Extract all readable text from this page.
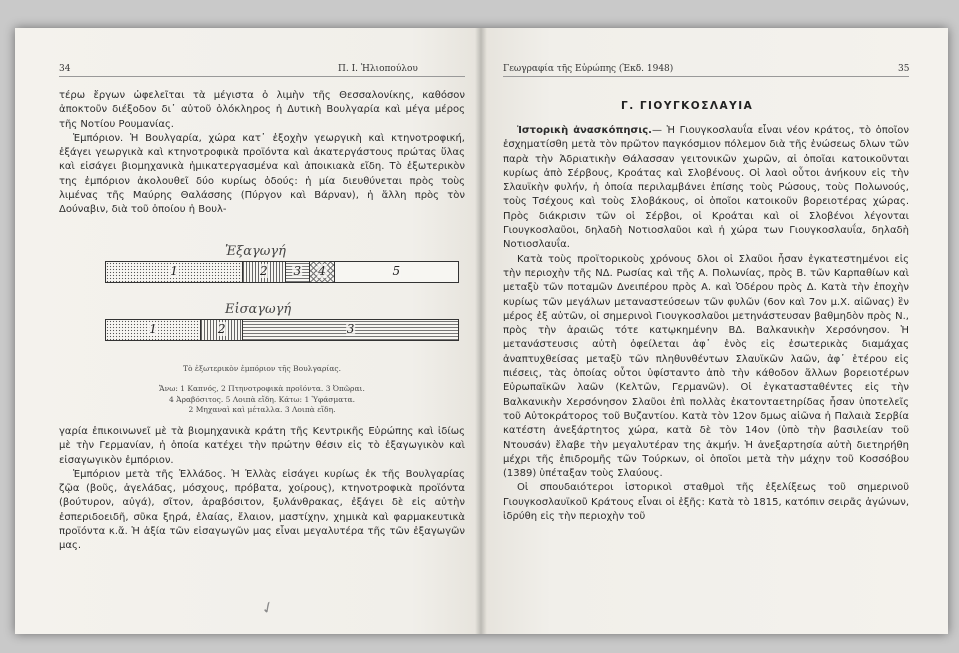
34	Π. Ι. Ἠλιοπούλου

τέρω ἔργων ὠφελεῖται τὰ μέγιστα ὁ λιμὴν τῆς Θεσσαλονίκης, καθόσον ἀποκτοῦν διέξοδον δι᾿ αὐτοῦ ὁλόκληρος ἡ Δυτικὴ Βουλγαρία καὶ μέγα μέρος τῆς Νοτίου Ρουμανίας.

Ἐμπόριον. Ἡ Βουλγαρία, χώρα κατ᾿ ἐξοχὴν γεωργικὴ καὶ κτηνοτροφική, ἐξάγει γεωργικὰ καὶ κτηνοτροφικὰ προϊόντα καὶ ἀκατεργάστους πρώτας ὕλας καὶ εἰσάγει βιομηχανικὰ ἡμικατεργασμένα καὶ ἀποικιακὰ εἴδη. Τὸ ἐξωτερικὸν της ἐμπόριον ἀκολουθεῖ δύο κυρίως ὁδούς: ἡ μία διευθύνεται πρὸς τοὺς λιμένας τῆς Μαύρης Θαλάσσης (Πύργον καὶ Βάρναν), ἡ ἄλλη πρὸς τὸν Δούναβιν, διὰ τοῦ ὁποίου ἡ Βουλ-

Ἐξαγωγή
1	2 3 4	5
Εἰσαγωγή
1	2	3
Τὸ ἐξωτερικὸν ἐμπόριον τῆς Βουλγαρίας.
Ἄνω: 1 Καπνός, 2 Πτηνοτροφικὰ προϊόντα. 3 Ὀπῶραι.
4 Ἀραβόσιτος. 5 Λοιπὰ εἴδη. Κάτω: 1 Ὑφάσματα.
2 Μηχαναὶ καὶ μέταλλα. 3 Λοιπὰ εἴδη.

γαρία ἐπικοινωνεῖ μὲ τὰ βιομηχανικὰ κράτη τῆς Κεντρικῆς Εὐρώπης καὶ ἰδίως μὲ τὴν Γερμανίαν, ἡ ὁποία κατέχει τὴν πρώτην θέσιν εἰς τὸ ἐξαγωγικὸν καὶ εἰσαγωγικὸν ἐμπόριον.

Ἐμπόριον μετὰ τῆς Ἑλλάδος. Ἡ Ἑλλὰς εἰσάγει κυρίως ἐκ τῆς Βουλγαρίας ζῷα (βοῦς, ἀγελάδας, μόσχους, πρόβατα, χοίρους), κτηνοτροφικὰ προϊόντα (βούτυρον, αὐγά), σῖτον, ἀραβόσιτον, ξυλάνθρακας, ἐξάγει δὲ εἰς αὐτὴν ἐσπεριδοειδῆ, σῦκα ξηρά, ἐλαίας, ἔλαιον, μαστίχην, χημικὰ καὶ φαρμακευτικὰ προϊόντα κ.ἄ. Ἡ ἀξία τῶν εἰσαγωγῶν μας εἶναι μεγαλυτέρα τῆς τῶν ἐξαγωγῶν μας.

✓
Γεωγραφία τῆς Εὐρώπης (Ἐκδ. 1948)	35
Γ. ΓΙΟΥΓΚΟΣΛΑΥΙΑ

Ἱστορικὴ ἀνασκόπησις.— Ἡ Γιουγκοσλαυΐα εἶναι νέον κράτος, τὸ ὁποῖον ἐσχηματίσθη μετὰ τὸν πρῶτον παγκόσμιον πόλεμον διὰ τῆς ἑνώσεως δλων τῶν παρὰ τὴν Ἀδριατικὴν Θάλασσαν γειτονικῶν χωρῶν, αἱ ὁποῖαι κατοικοῦνται κυρίως ἀπὸ Σέρβους, Κροάτας καὶ Σλοβένους. Οἱ λαοὶ οὗτοι ἀνήκουν εἰς τὴν Σλαυϊκὴν φυλήν, ἡ ὁποία περιλαμβάνει ἐπίσης τοὺς Ρώσους, τοὺς Πολωνούς, τοὺς Τσέχους καὶ τοὺς Σλοβάκους, οἱ ὁποῖοι κατοικοῦν βορειοτέρας χώρας. Πρὸς διάκρισιν τῶν οἱ Σέρβοι, οἱ Κροάται καὶ οἱ Σλοβένοι λέγονται Γιουγκοσλαῦοι, δηλαδὴ Νοτιοσλαῦοι καὶ ἡ χώρα των Γιουγκοσλαυΐα, δηλαδὴ Νοτιοσλαυΐα.

Κατὰ τοὺς προϊτορικοὺς χρόνους δλοι οἱ Σλαῦοι ἦσαν ἐγκατεστημένοι εἰς τὴν περιοχὴν τῆς ΝΔ. Ρωσίας καὶ τῆς Α. Πολωνίας, πρὸς Β. τῶν Καρπαθίων καὶ μεταξὺ τῶν ποταμῶν Δνειπέρου πρὸς Α. καὶ Ὀδέρου πρὸς Δ. Κατὰ τὴν ἐποχὴν κυρίως τῶν μεγάλων μεταναστεύσεων τῶν φυλῶν (6ον καὶ 7ον μ.Χ. αἰῶνας) ἓν μέρος ἐξ αὐτῶν, οἱ σημερινοὶ Γιουγκοσλαῦοι μετηνάστευσαν βαθμηδὸν πρὸς Ν., πρὸς τὴν ἀραιῶς τότε κατῳκημένην ΒΔ. Βαλκανικὴν Χερσόνησον. Ἡ μετανάστευσις αὐτὴ ὀφείλεται ἀφ᾿ ἑνὸς εἰς ἐσωτερικὰς διαμάχας ἀναπτυχθείσας μεταξὺ τῶν πληθυνθέντων Σλαυϊκῶν λαῶν, ἀφ᾿ ἑτέρου εἰς πιέσεις, τὰς ὁποίας οὗτοι ὑφίσταντο ἀπὸ τὴν κάθοδον ἄλλων βορειοτέρων Εὐρωπαϊκῶν λαῶν (Κελτῶν, Γερμανῶν). Οἱ ἐγκατασταθέντες εἰς τὴν Βαλκανικὴν Χερσόνησον Σλαῦοι ἐπὶ πολλὰς ἑκατονταετηρίδας ἦσαν ὑποτελεῖς τοῦ Αὐτοκράτορος τοῦ Βυζαντίου. Κατὰ τὸν 12ον δμως αἰῶνα ἡ Παλαιὰ Σερβία κατέστη ἀνεξάρτητος χώρα, κατὰ δὲ τὸν 14ον (ὑπὸ τὴν βασιλείαν τοῦ Ντουσάν) ἔλαβε τὴν μεγαλυτέραν της ἀκμήν. Ἡ ἀνεξαρτησία αὐτὴ διετηρήθη μέχρι τῆς ἐπιδρομῆς τῶν Τούρκων, οἱ ὁποῖοι μετὰ τὴν μάχην τοῦ Κοσσόβου (1389) ὑπέταξαν τοὺς Σλαύους.

Οἱ σπουδαιότεροι ἱστορικοὶ σταθμοὶ τῆς ἐξελίξεως τοῦ σημερινοῦ Γιουγκοσλαυϊκοῦ Κράτους εἶναι οἱ ἑξῆς: Κατὰ τὸ 1815, κατόπιν σειρᾶς ἀγώνων, ἱδρύθη εἰς τὴν περιοχὴν τοῦ
